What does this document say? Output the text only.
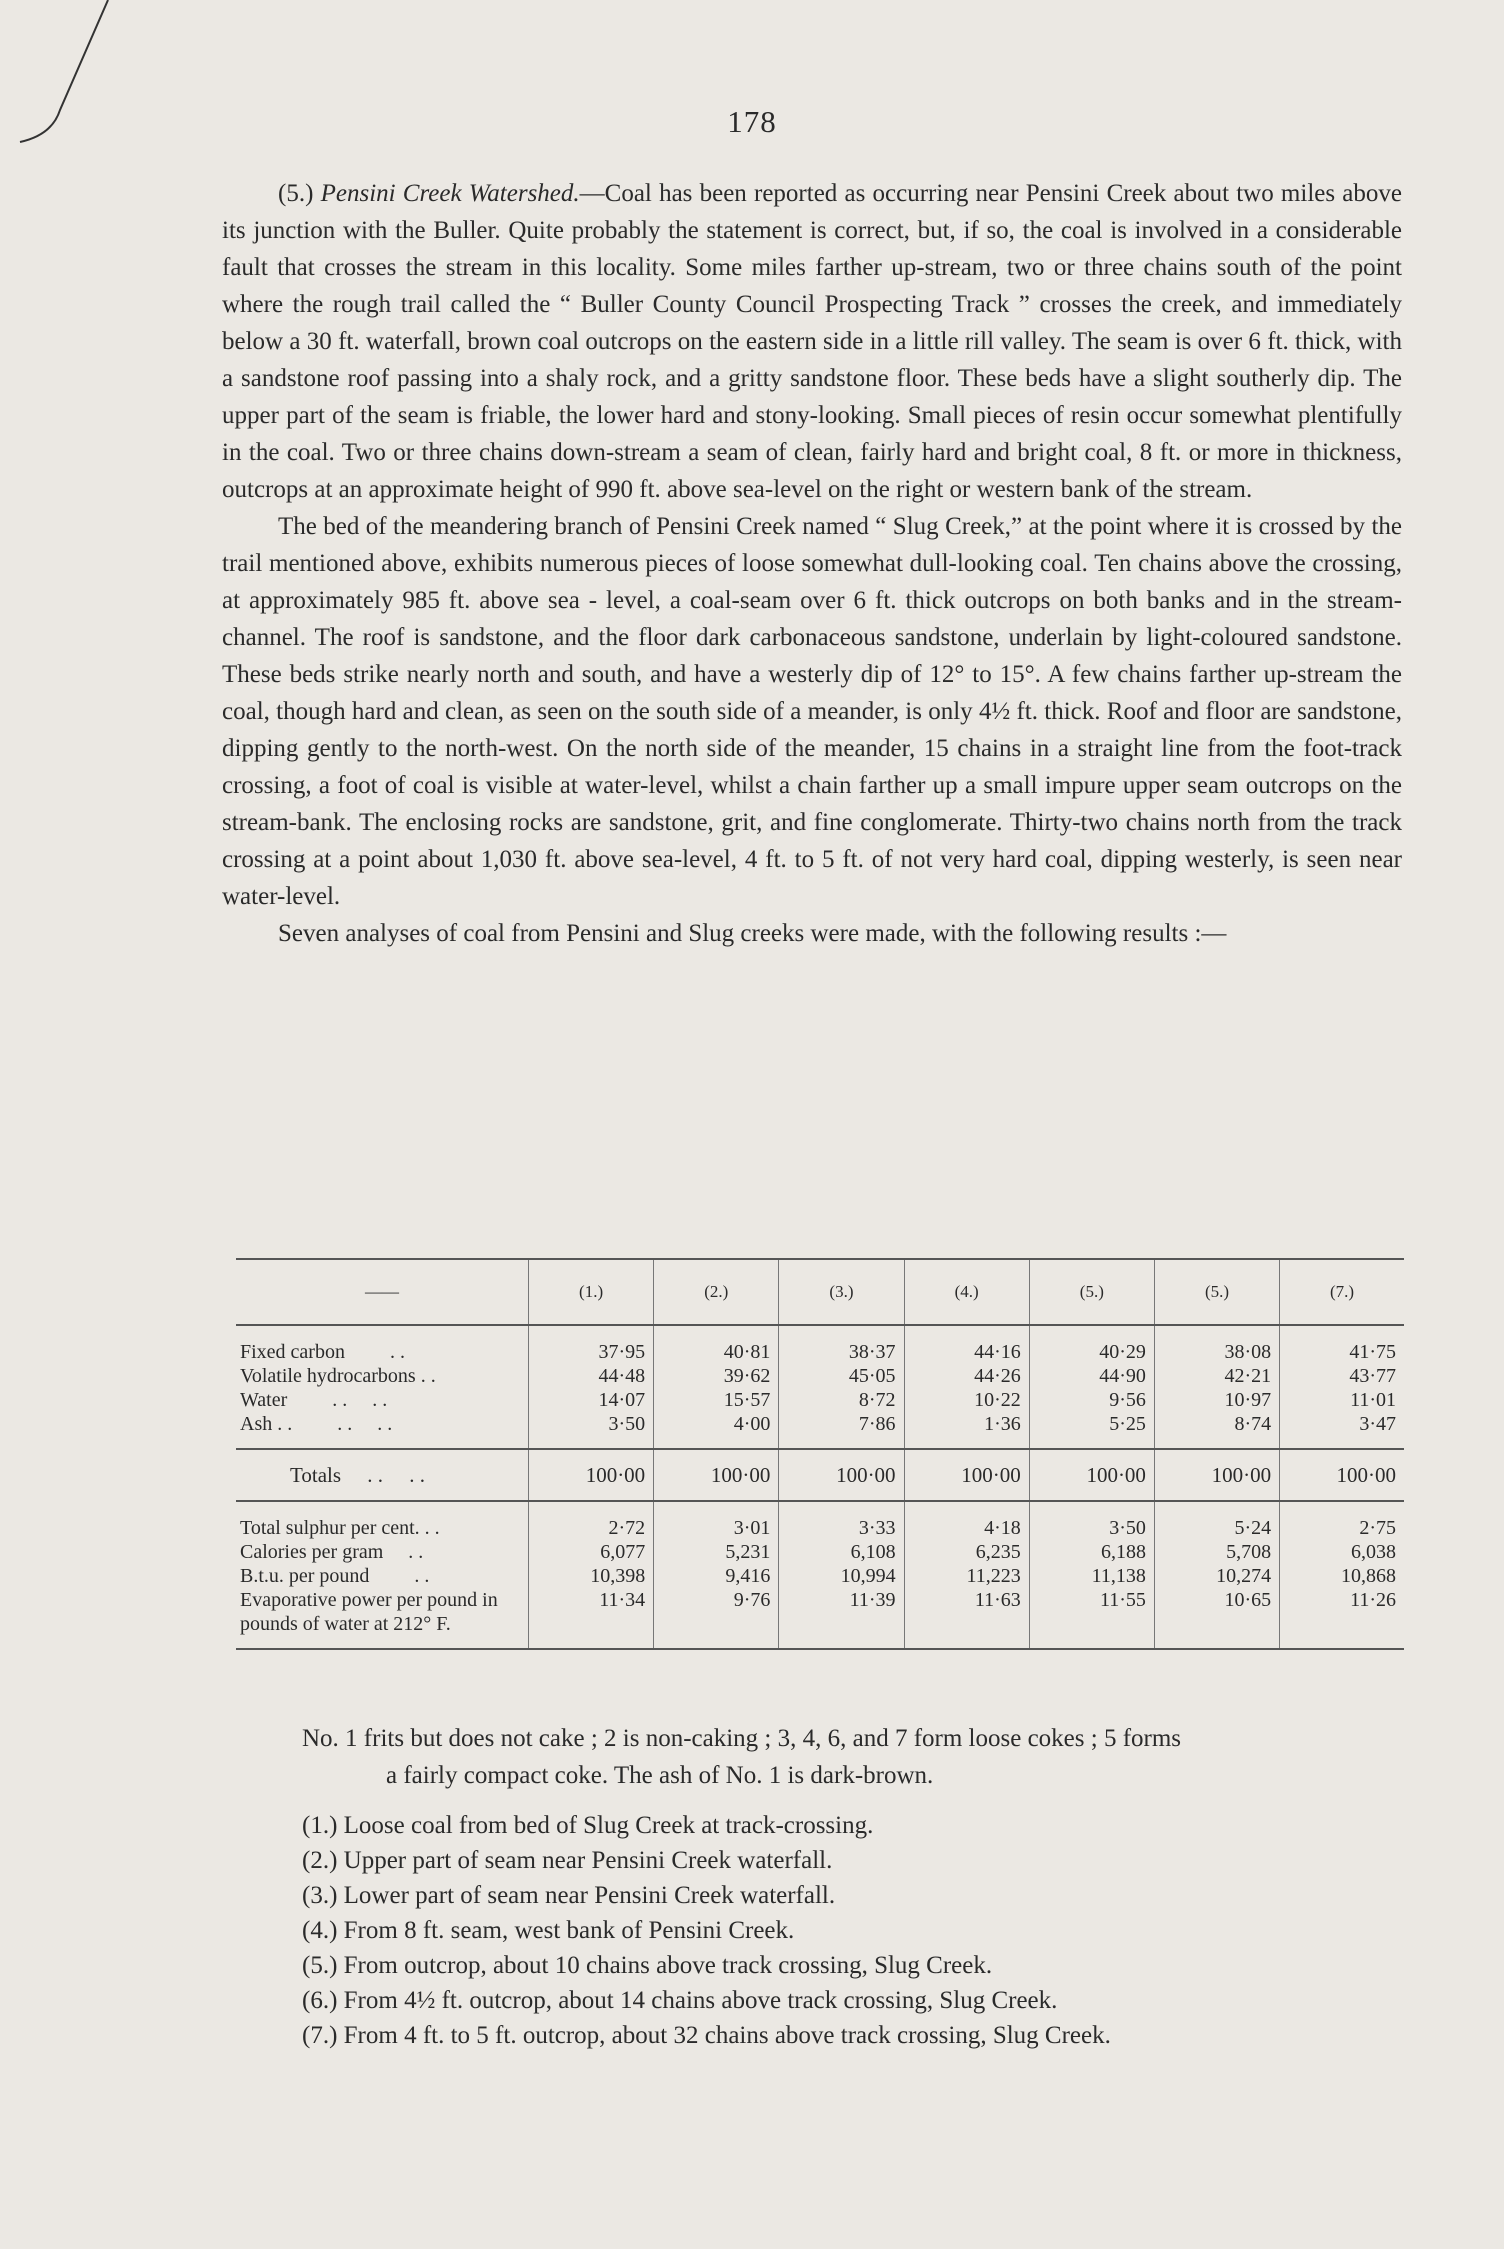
178

(5.) Pensini Creek Watershed.—Coal has been reported as occurring near Pensini Creek about two miles above its junction with the Buller. Quite probably the statement is correct, but, if so, the coal is involved in a considerable fault that crosses the stream in this locality. Some miles farther up-stream, two or three chains south of the point where the rough trail called the “ Buller County Council Prospecting Track ” crosses the creek, and immediately below a 30 ft. waterfall, brown coal outcrops on the eastern side in a little rill valley. The seam is over 6 ft. thick, with a sandstone roof passing into a shaly rock, and a gritty sandstone floor. These beds have a slight southerly dip. The upper part of the seam is friable, the lower hard and stony-looking. Small pieces of resin occur somewhat plentifully in the coal. Two or three chains down-stream a seam of clean, fairly hard and bright coal, 8 ft. or more in thickness, outcrops at an approximate height of 990 ft. above sea-level on the right or western bank of the stream.

The bed of the meandering branch of Pensini Creek named “ Slug Creek,” at the point where it is crossed by the trail mentioned above, exhibits numerous pieces of loose somewhat dull-looking coal. Ten chains above the crossing, at approximately 985 ft. above sea - level, a coal-seam over 6 ft. thick outcrops on both banks and in the stream-channel. The roof is sandstone, and the floor dark carbonaceous sandstone, underlain by light-coloured sandstone. These beds strike nearly north and south, and have a westerly dip of 12° to 15°. A few chains farther up-stream the coal, though hard and clean, as seen on the south side of a meander, is only 4½ ft. thick. Roof and floor are sandstone, dipping gently to the north-west. On the north side of the meander, 15 chains in a straight line from the foot-track crossing, a foot of coal is visible at water-level, whilst a chain farther up a small impure upper seam outcrops on the stream-bank. The enclosing rocks are sandstone, grit, and fine conglomerate. Thirty-two chains north from the track crossing at a point about 1,030 ft. above sea-level, 4 ft. to 5 ft. of not very hard coal, dipping westerly, is seen near water-level.

Seven analyses of coal from Pensini and Slug creeks were made, with the following results :—

——	(1.)	(2.)	(3.)	(4.)	(5.)	(5.)	(7.)
Fixed carbon   . .	37·95	40·81	38·37	44·16	40·29	38·08	41·75
Volatile hydrocarbons . .	44·48	39·62	45·05	44·26	44·90	42·21	43·77
Water   . .  . .	14·07	15·57	8·72	10·22	9·56	10·97	11·01
Ash . .   . .  . .	3·50	4·00	7·86	1·36	5·25	8·74	3·47
Totals  . .  . .	100·00	100·00	100·00	100·00	100·00	100·00	100·00
Total sulphur per cent. . .	2·72	3·01	3·33	4·18	3·50	5·24	2·75
Calories per gram  . .	6,077	5,231	6,108	6,235	6,188	5,708	6,038
B.t.u. per pound   . .	10,398	9,416	10,994	11,223	11,138	10,274	10,868
Evaporative power per pound in pounds of water at 212° F.	11·34	9·76	11·39	11·63	11·55	10·65	11·26

No. 1 frits but does not cake ; 2 is non-caking ; 3, 4, 6, and 7 form loose cokes ; 5 forms

a fairly compact coke. The ash of No. 1 is dark-brown.

(1.) Loose coal from bed of Slug Creek at track-crossing.
(2.) Upper part of seam near Pensini Creek waterfall.
(3.) Lower part of seam near Pensini Creek waterfall.
(4.) From 8 ft. seam, west bank of Pensini Creek.
(5.) From outcrop, about 10 chains above track crossing, Slug Creek.
(6.) From 4½ ft. outcrop, about 14 chains above track crossing, Slug Creek.
(7.) From 4 ft. to 5 ft. outcrop, about 32 chains above track crossing, Slug Creek.
